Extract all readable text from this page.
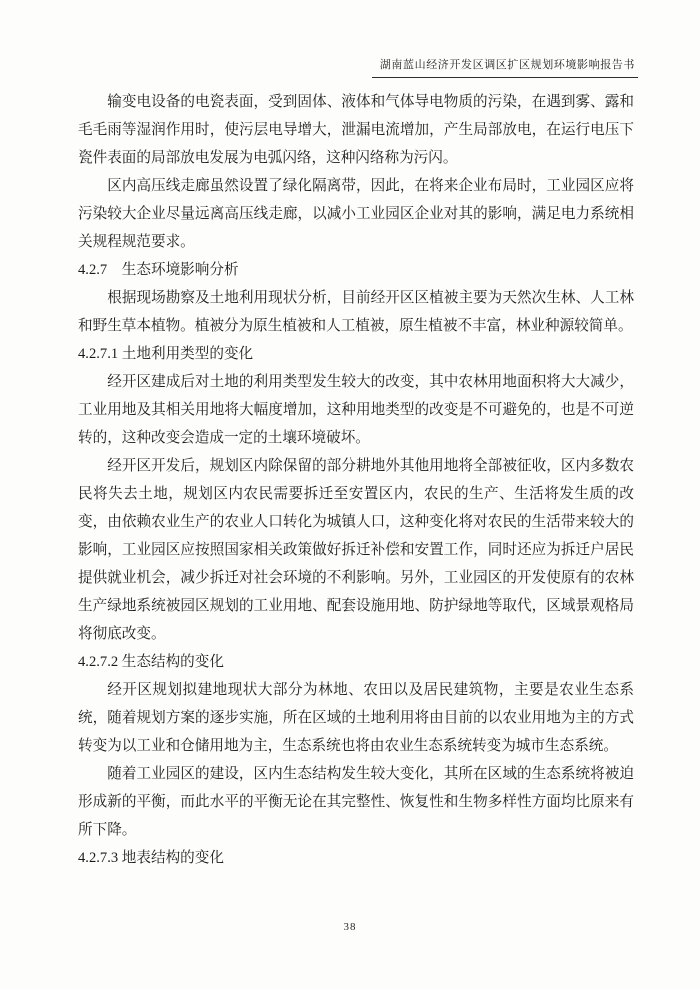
湖南蓝山经济开发区调区扩区规划环境影响报告书

输变电设备的电瓷表面，受到固体、液体和气体导电物质的污染，在遇到雾、露和毛毛雨等湿润作用时，使污层电导增大，泄漏电流增加，产生局部放电，在运行电压下瓷件表面的局部放电发展为电弧闪络，这种闪络称为污闪。

区内高压线走廊虽然设置了绿化隔离带，因此，在将来企业布局时，工业园区应将污染较大企业尽量远离高压线走廊，以减小工业园区企业对其的影响，满足电力系统相关规程规范要求。

4.2.7　生态环境影响分析

根据现场勘察及土地利用现状分析，目前经开区区植被主要为天然次生林、人工林和野生草本植物。植被分为原生植被和人工植被，原生植被不丰富，林业种源较简单。

4.2.7.1 土地利用类型的变化

经开区建成后对土地的利用类型发生较大的改变，其中农林用地面积将大大减少，工业用地及其相关用地将大幅度增加，这种用地类型的改变是不可避免的，也是不可逆转的，这种改变会造成一定的土壤环境破坏。

经开区开发后，规划区内除保留的部分耕地外其他用地将全部被征收，区内多数农民将失去土地，规划区内农民需要拆迁至安置区内，农民的生产、生活将发生质的改变，由依赖农业生产的农业人口转化为城镇人口，这种变化将对农民的生活带来较大的影响，工业园区应按照国家相关政策做好拆迁补偿和安置工作，同时还应为拆迁户居民提供就业机会，减少拆迁对社会环境的不利影响。另外，工业园区的开发使原有的农林生产绿地系统被园区规划的工业用地、配套设施用地、防护绿地等取代，区域景观格局将彻底改变。

4.2.7.2 生态结构的变化

经开区规划拟建地现状大部分为林地、农田以及居民建筑物，主要是农业生态系统，随着规划方案的逐步实施，所在区域的土地利用将由目前的以农业用地为主的方式转变为以工业和仓储用地为主，生态系统也将由农业生态系统转变为城市生态系统。

随着工业园区的建设，区内生态结构发生较大变化，其所在区域的生态系统将被迫形成新的平衡，而此水平的平衡无论在其完整性、恢复性和生物多样性方面均比原来有所下降。

4.2.7.3 地表结构的变化
38
